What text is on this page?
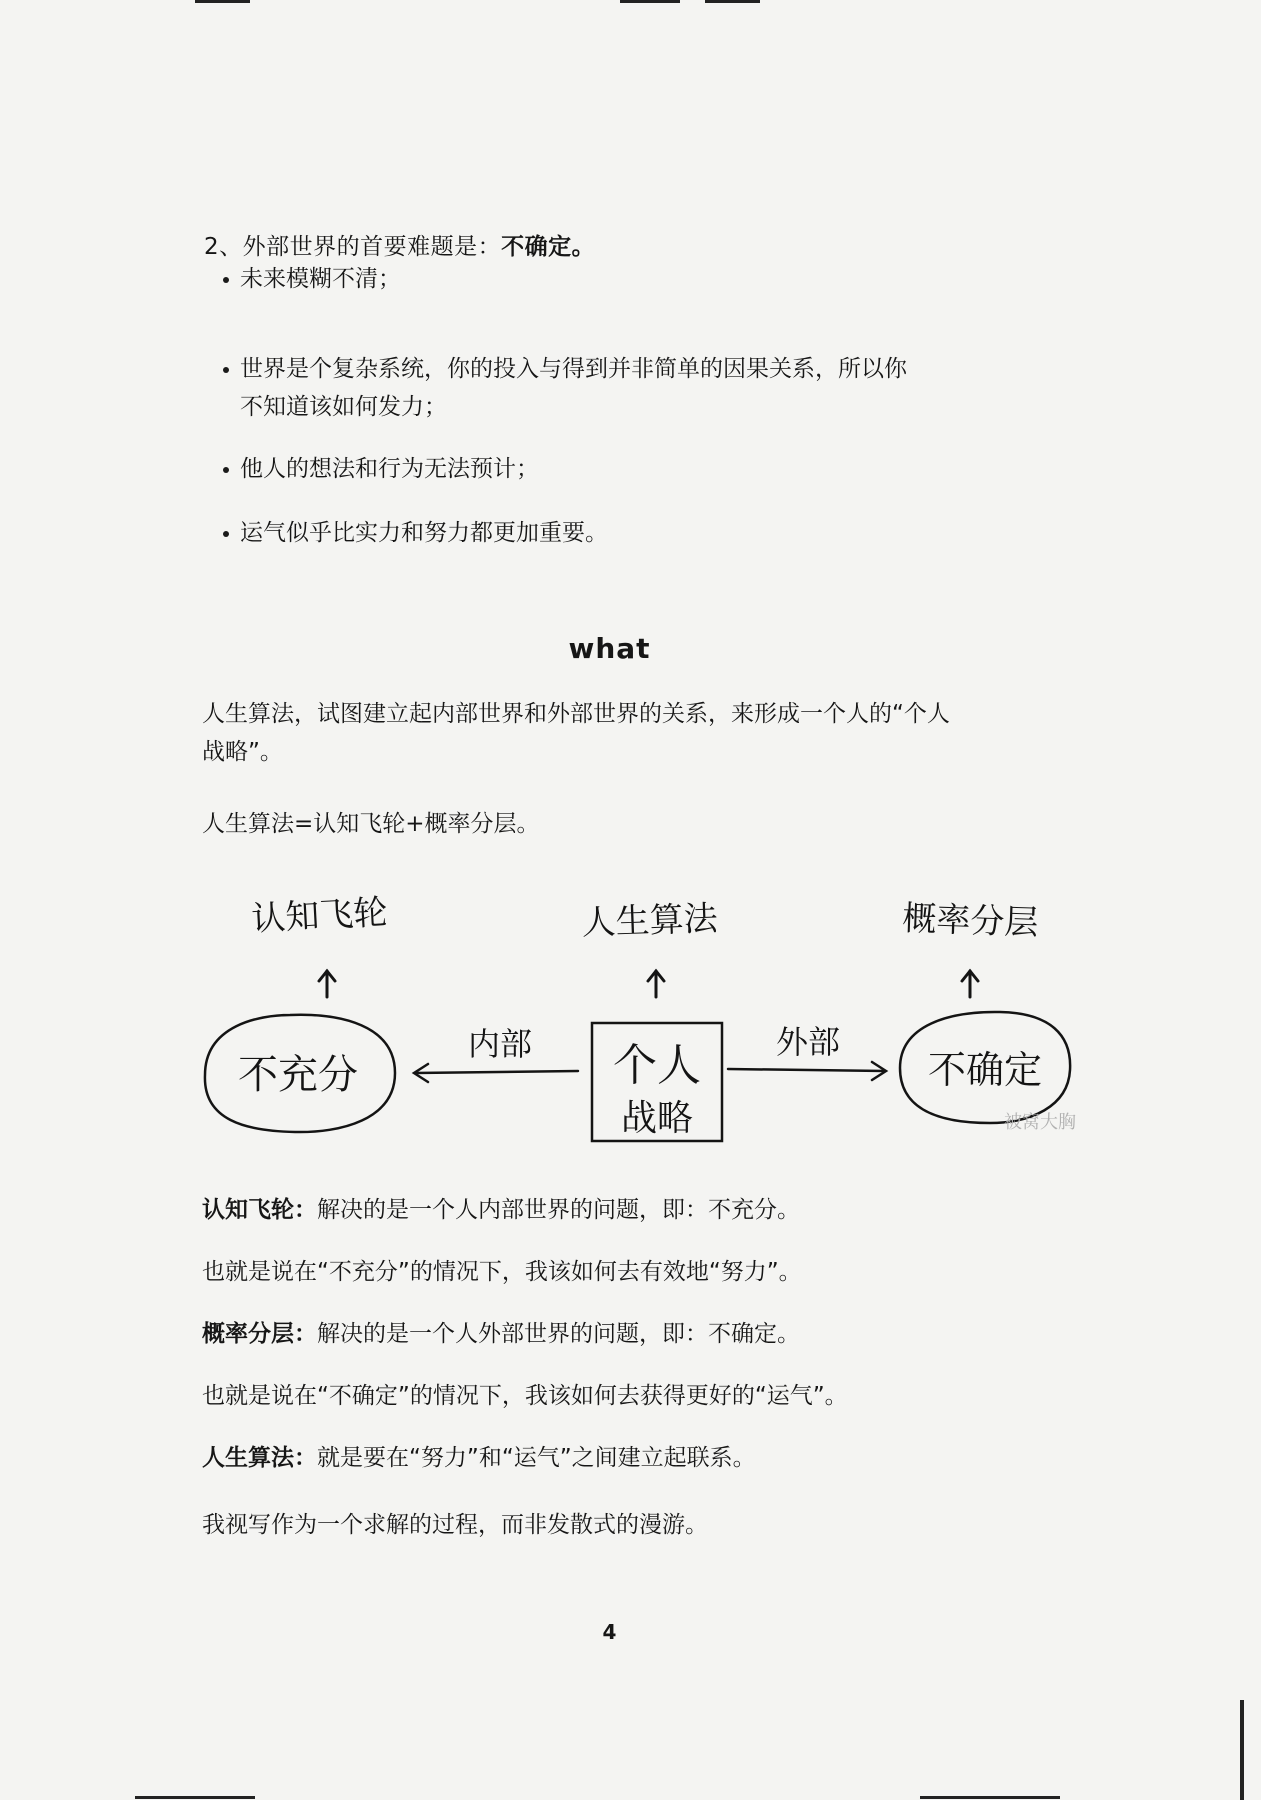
2、外部世界的首要难题是：不确定。
未来模糊不清；
世界是个复杂系统，你的投入与得到并非简单的因果关系，所以你
不知道该如何发力；
他人的想法和行为无法预计；
运气似乎比实力和努力都更加重要。
what
人生算法，试图建立起内部世界和外部世界的关系，来形成一个人的“个人
战略”。
人生算法=认知飞轮+概率分层。
认知飞轮	人生算法	概率分层
不充分	不确定
个人
战略
内部	外部
被窝大胸
认知飞轮：解决的是一个人内部世界的问题，即：不充分。
也就是说在“不充分”的情况下，我该如何去有效地“努力”。
概率分层：解决的是一个人外部世界的问题，即：不确定。
也就是说在“不确定”的情况下，我该如何去获得更好的“运气”。
人生算法：就是要在“努力”和“运气”之间建立起联系。
我视写作为一个求解的过程，而非发散式的漫游。
4
